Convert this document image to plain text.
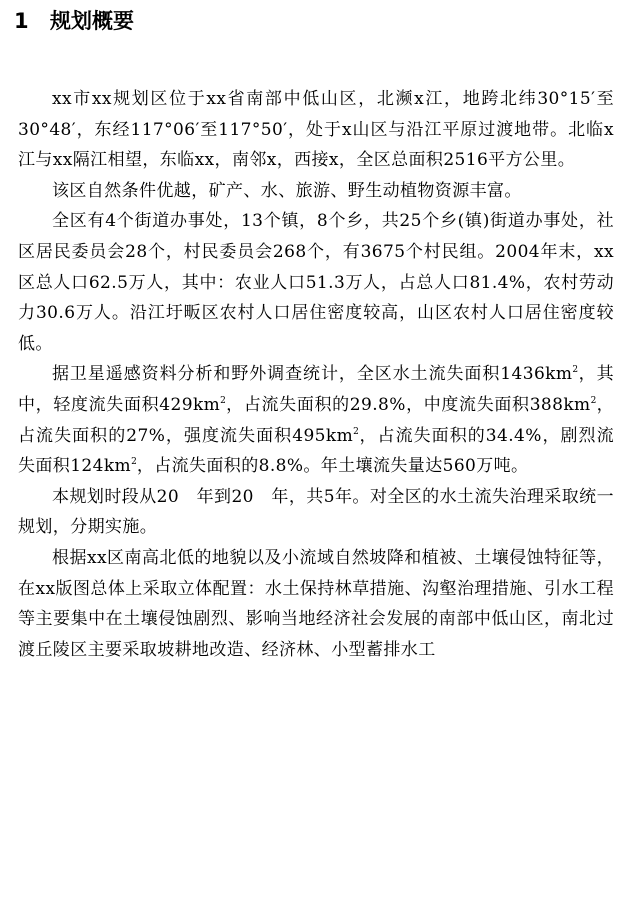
1 规划概要

xx市xx规划区位于xx省南部中低山区，北濒x江，地跨北纬30°15′至30°48′，东经117°06′至117°50′，处于x山区与沿江平原过渡地带。北临x江与xx隔江相望，东临xx，南邻x，西接x，全区总面积2516平方公里。

该区自然条件优越，矿产、水、旅游、野生动植物资源丰富。

全区有4个街道办事处，13个镇，8个乡，共25个乡(镇)街道办事处，社区居民委员会28个，村民委员会268个，有3675个村民组。2004年末，xx区总人口62.5万人，其中：农业人口51.3万人，占总人口81.4%，农村劳动力30.6万人。沿江圩畈区农村人口居住密度较高，山区农村人口居住密度较低。

据卫星遥感资料分析和野外调查统计，全区水土流失面积$1436km^2$，其中，轻度流失面积$429km^2$，占流失面积的29.8%，中度流失面积$388km^2$，占流失面积的27%，强度流失面积$495km^2$，占流失面积的34.4%，剧烈流失面积$124km^2$，占流失面积的8.8%。年土壤流失量达560万吨。

本规划时段从20　年到20　年，共5年。对全区的水土流失治理采取统一规划，分期实施。

根据xx区南高北低的地貌以及小流域自然坡降和植被、土壤侵蚀特征等，在xx版图总体上采取立体配置：水土保持林草措施、沟壑治理措施、引水工程等主要集中在土壤侵蚀剧烈、影响当地经济社会发展的南部中低山区，南北过渡丘陵区主要采取坡耕地改造、经济林、小型蓄排水工
